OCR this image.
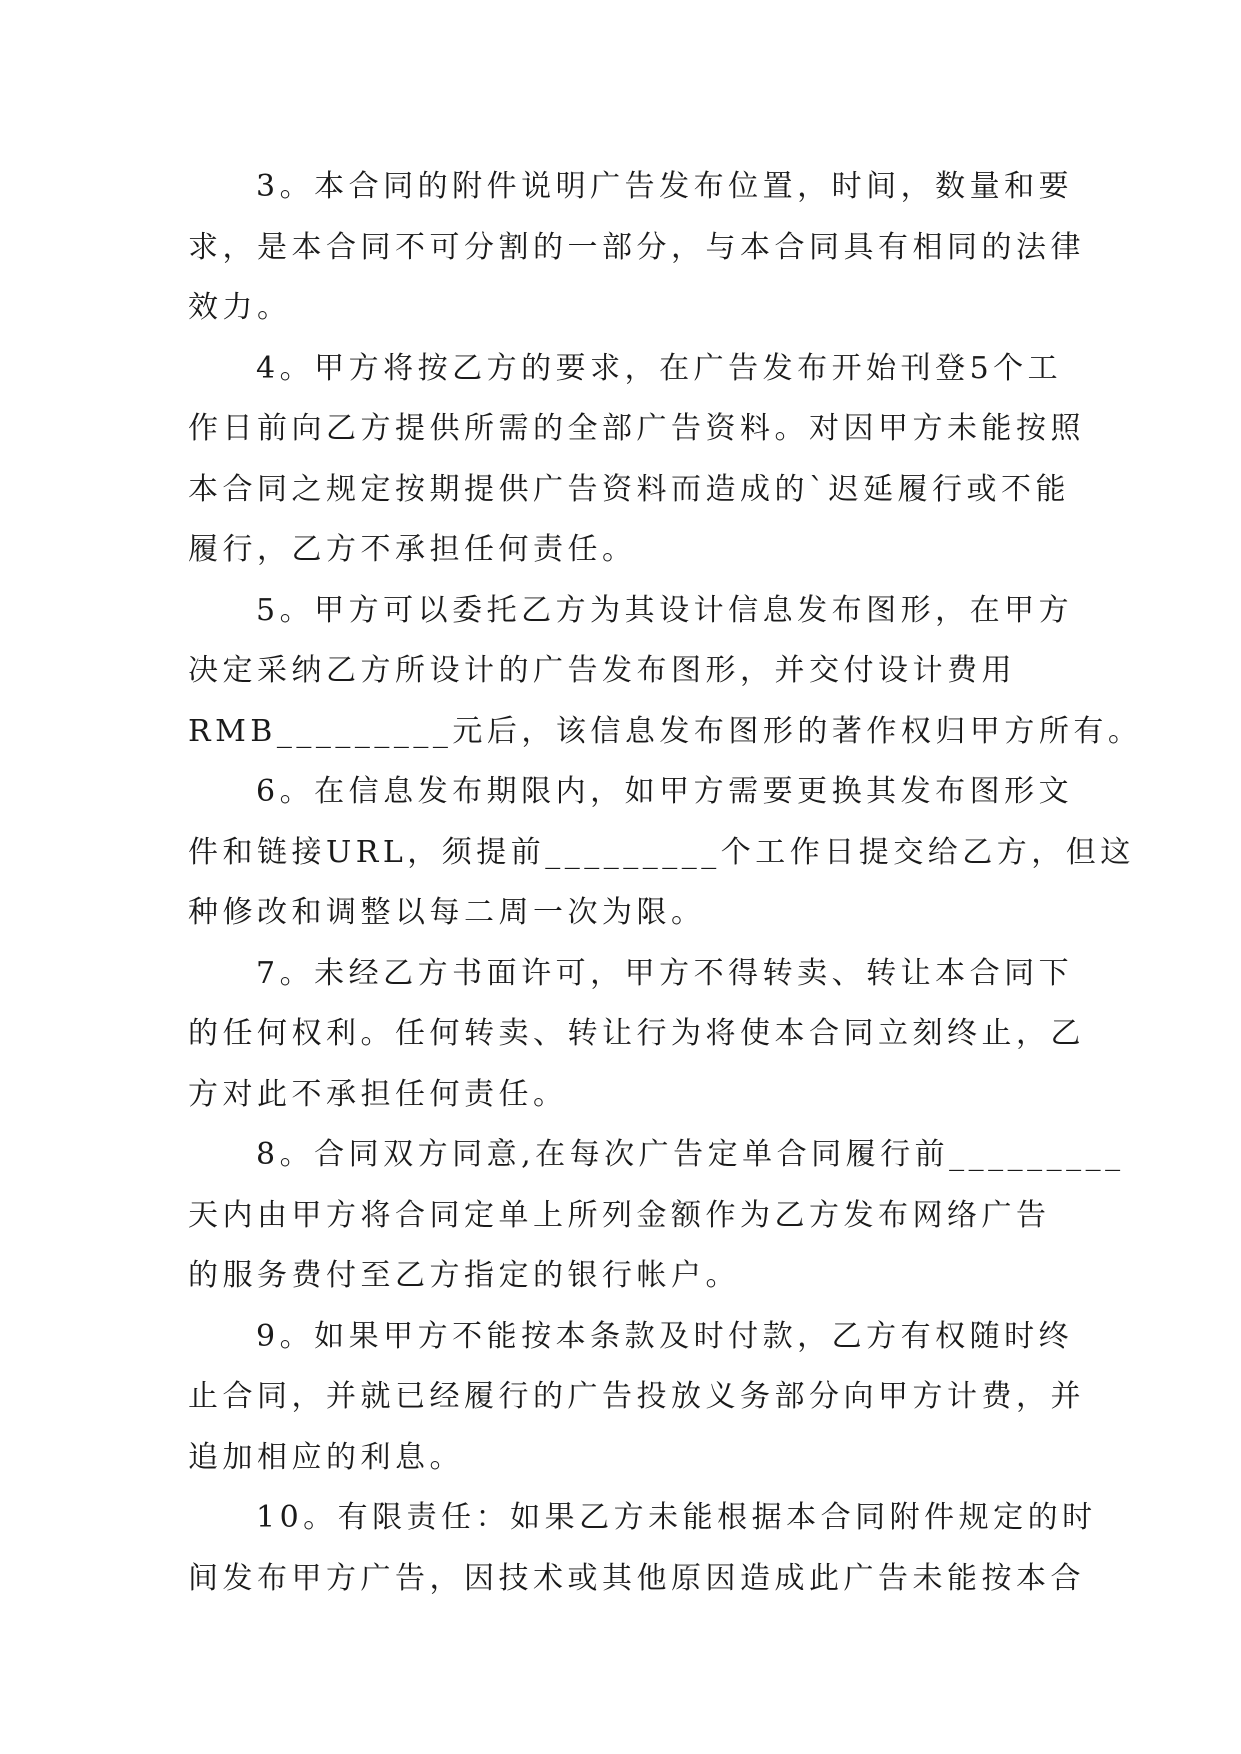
3。本合同的附件说明广告发布位置，时间，数量和要
求，是本合同不可分割的一部分，与本合同具有相同的法律
效力。

4。甲方将按乙方的要求，在广告发布开始刊登5个工
作日前向乙方提供所需的全部广告资料。对因甲方未能按照
本合同之规定按期提供广告资料而造成的`迟延履行或不能
履行，乙方不承担任何责任。

5。甲方可以委托乙方为其设计信息发布图形，在甲方
决定采纳乙方所设计的广告发布图形，并交付设计费用
RMB_________元后，该信息发布图形的著作权归甲方所有。

6。在信息发布期限内，如甲方需要更换其发布图形文
件和链接URL，须提前_________个工作日提交给乙方，但这
种修改和调整以每二周一次为限。

7。未经乙方书面许可，甲方不得转卖、转让本合同下
的任何权利。任何转卖、转让行为将使本合同立刻终止，乙
方对此不承担任何责任。

8。合同双方同意,在每次广告定单合同履行前_________
天内由甲方将合同定单上所列金额作为乙方发布网络广告
的服务费付至乙方指定的银行帐户。

9。如果甲方不能按本条款及时付款，乙方有权随时终
止合同，并就已经履行的广告投放义务部分向甲方计费，并
追加相应的利息。

10。有限责任：如果乙方未能根据本合同附件规定的时
间发布甲方广告，因技术或其他原因造成此广告未能按本合
